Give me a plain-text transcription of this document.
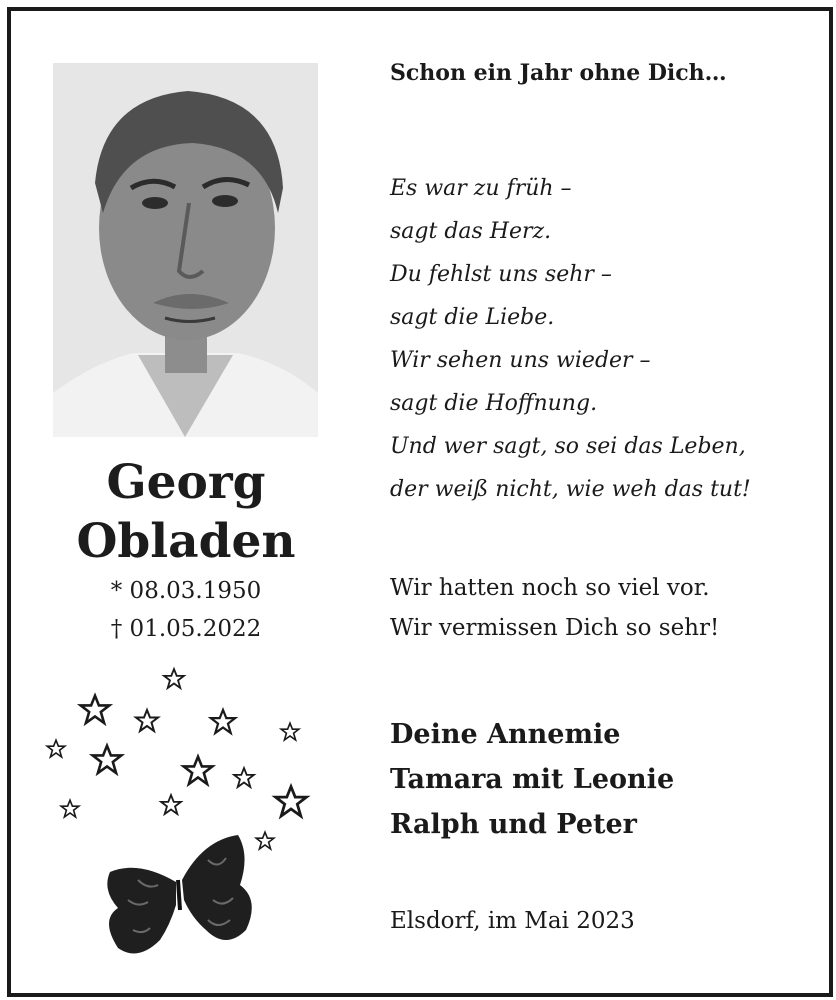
Georg
Obladen
* 08.03.1950
† 01.05.2022
Schon ein Jahr ohne Dich…
Es war zu früh –
sagt das Herz.
Du fehlst uns sehr –
sagt die Liebe.
Wir sehen uns wieder –
sagt die Hoffnung.
Und wer sagt, so sei das Leben,
der weiß nicht, wie weh das tut!
Wir hatten noch so viel vor.
Wir vermissen Dich so sehr!
Deine Annemie
Tamara mit Leonie
Ralph und Peter
Elsdorf, im Mai 2023
